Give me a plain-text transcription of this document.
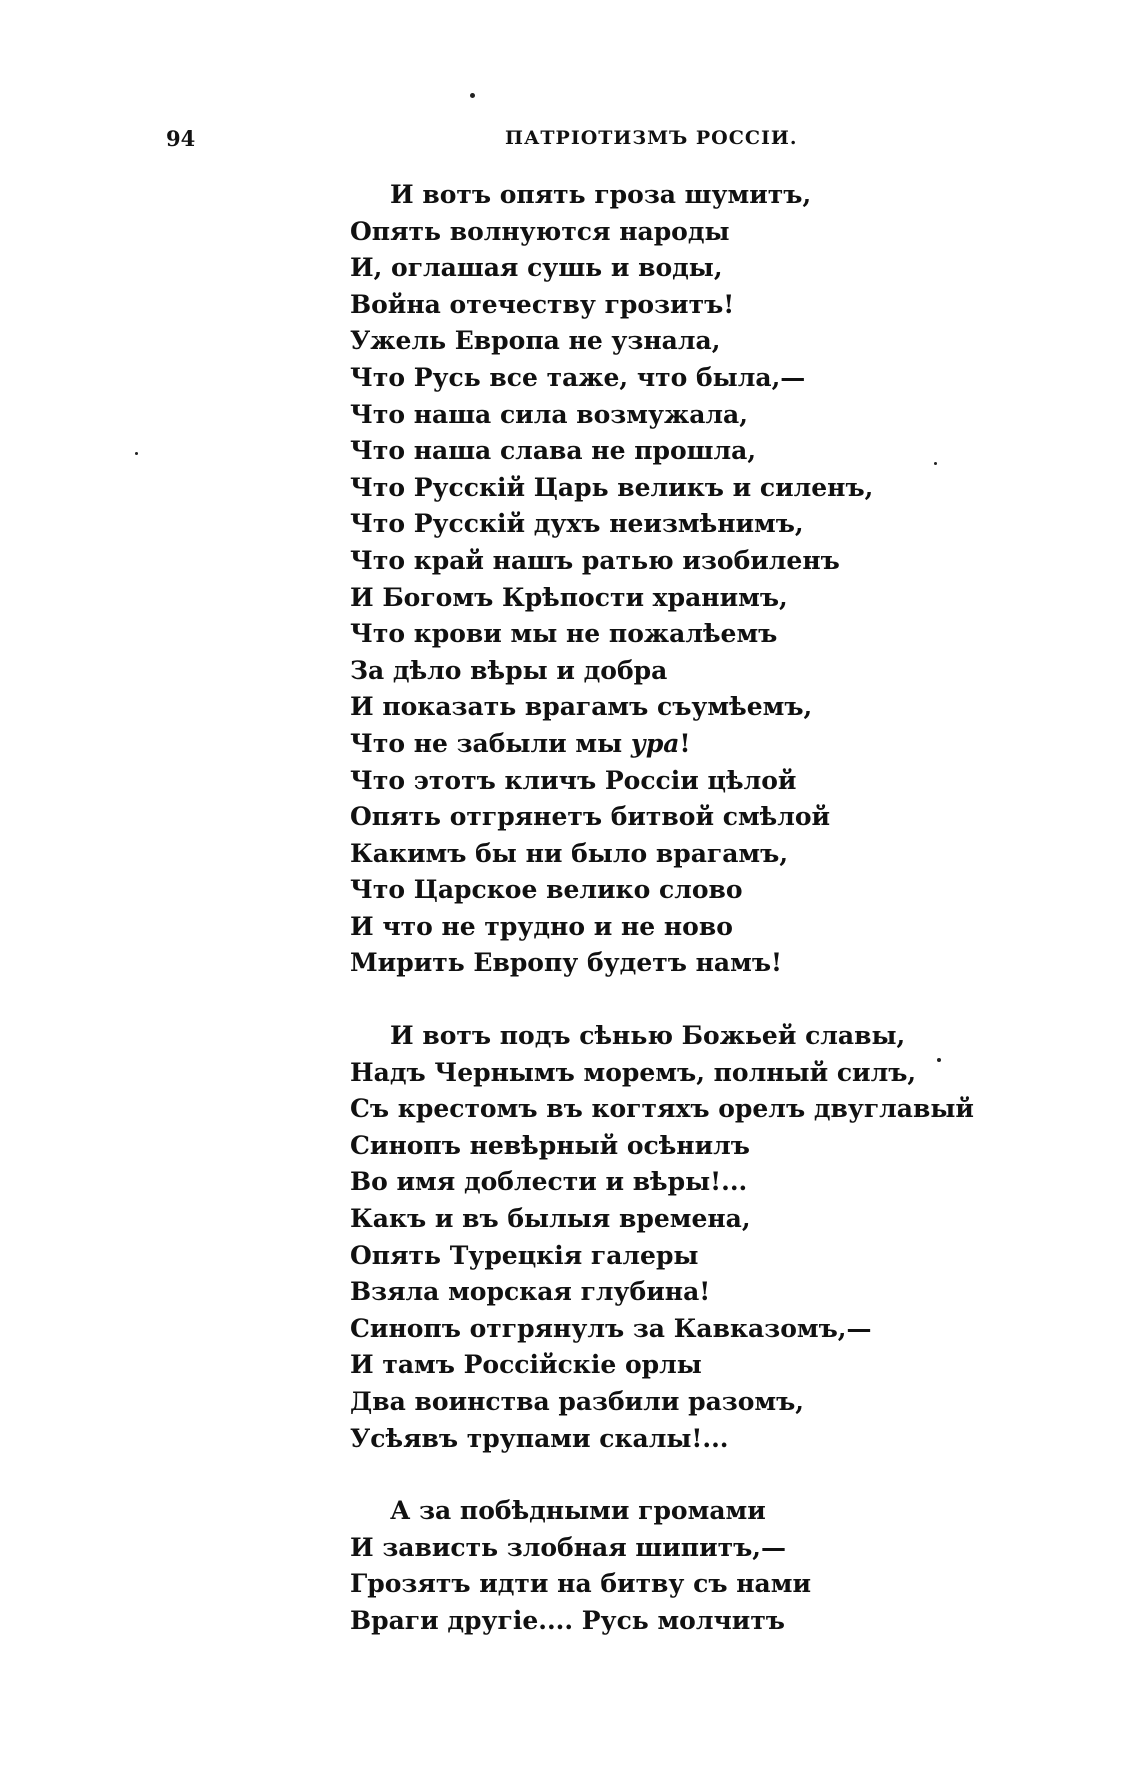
94	ПАТРІОТИЗМЪ РОССІИ.
И вотъ опять гроза шумитъ,
Опять волнуются народы
И, оглашая сушь и воды,
Война отечеству грозитъ!
Ужель Европа не узнала,
Что Русь все таже, что была,—
Что наша сила возмужала,
Что наша слава не прошла,
Что Русскій Царь великъ и силенъ,
Что Русскій духъ неизмѣнимъ,
Что край нашъ ратью изобиленъ
И Богомъ Крѣпости хранимъ,
Что крови мы не пожалѣемъ
За дѣло вѣры и добра
И показать врагамъ съумѣемъ,
Что не забыли мы ура!
Что этотъ кличъ Россіи цѣлой
Опять отгрянетъ битвой смѣлой
Какимъ бы ни было врагамъ,
Что Царское велико слово
И что не трудно и не ново
Мирить Европу будетъ намъ!
И вотъ подъ сѣнью Божьей славы,
Надъ Чернымъ моремъ, полный силъ,
Съ крестомъ въ когтяхъ орелъ двуглавый
Синопъ невѣрный осѣнилъ
Во имя доблести и вѣры!...
Какъ и въ былыя времена,
Опять Турецкія галеры
Взяла морская глубина!
Синопъ отгрянулъ за Кавказомъ,—
И тамъ Россійскіе орлы
Два воинства разбили разомъ,
Усѣявъ трупами скалы!...
А за побѣдными громами
И зависть злобная шипитъ,—
Грозятъ идти на битву съ нами
Враги другіе.... Русь молчитъ
